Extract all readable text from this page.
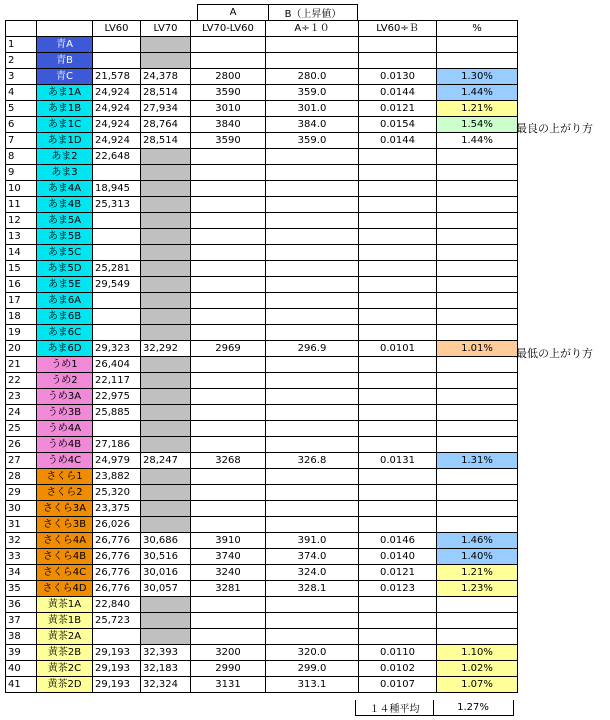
A	B（上昇値）
		LV60	LV70	LV70-LV60	A÷１０	LV60÷Ｂ	%
1	青A						
2	青B						
3	青C	21,578	24,378	2800	280.0	0.0130	1.30%
4	あま1A	24,924	28,514	3590	359.0	0.0144	1.44%
5	あま1B	24,924	27,934	3010	301.0	0.0121	1.21%
6	あま1C	24,924	28,764	3840	384.0	0.0154	1.54%
7	あま1D	24,924	28,514	3590	359.0	0.0144	1.44%
8	あま2	22,648					
9	あま3						
10	あま4A	18,945					
11	あま4B	25,313					
12	あま5A						
13	あま5B						
14	あま5C						
15	あま5D	25,281					
16	あま5E	29,549					
17	あま6A						
18	あま6B						
19	あま6C						
20	あま6D	29,323	32,292	2969	296.9	0.0101	1.01%
21	うめ1	26,404					
22	うめ2	22,117					
23	うめ3A	22,975					
24	うめ3B	25,885					
25	うめ4A						
26	うめ4B	27,186					
27	うめ4C	24,979	28,247	3268	326.8	0.0131	1.31%
28	さくら1	23,882					
29	さくら2	25,320					
30	さくら3A	23,375					
31	さくら3B	26,026					
32	さくら4A	26,776	30,686	3910	391.0	0.0146	1.46%
33	さくら4B	26,776	30,516	3740	374.0	0.0140	1.40%
34	さくら4C	26,776	30,016	3240	324.0	0.0121	1.21%
35	さくら4D	26,776	30,057	3281	328.1	0.0123	1.23%
36	黄茶1A	22,840					
37	黄茶1B	25,723					
38	黄茶2A						
39	黄茶2B	29,193	32,393	3200	320.0	0.0110	1.10%
40	黄茶2C	29,193	32,183	2990	299.0	0.0102	1.02%
41	黄茶2D	29,193	32,324	3131	313.1	0.0107	1.07%
最良の上がり方
最低の上がり方
１４種平均	1.27%
